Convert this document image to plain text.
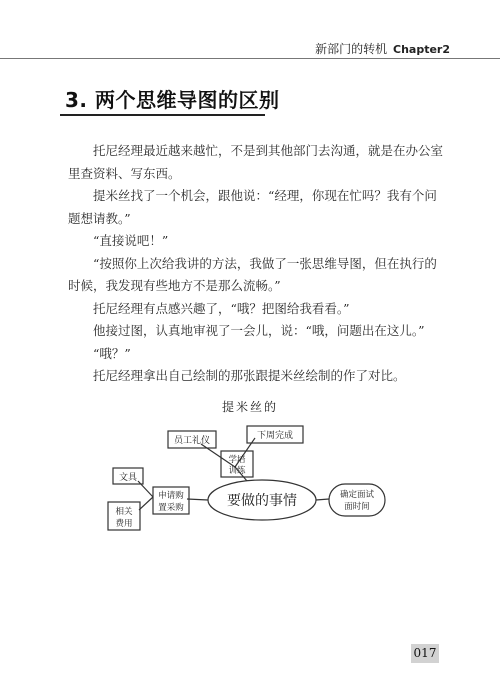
新部门的转机 Chapter2
3. 两个思维导图的区别

托尼经理最近越来越忙，不是到其他部门去沟通，就是在办公室里查资料、写东西。

提米丝找了一个机会，跟他说：“经理，你现在忙吗？我有个问题想请教。”

“直接说吧！”

“按照你上次给我讲的方法，我做了一张思维导图，但在执行的时候，我发现有些地方不是那么流畅。”

托尼经理有点感兴趣了，“哦？把图给我看看。”

他接过图，认真地审视了一会儿，说：“哦，问题出在这儿。”

“哦？”

托尼经理拿出自己绘制的那张跟提米丝绘制的作了对比。

提米丝的
要做的事情
员工礼仪	下周完成
学培
训练
文具
申请购
置采购
相关
费用
确定面试
面时间
017
